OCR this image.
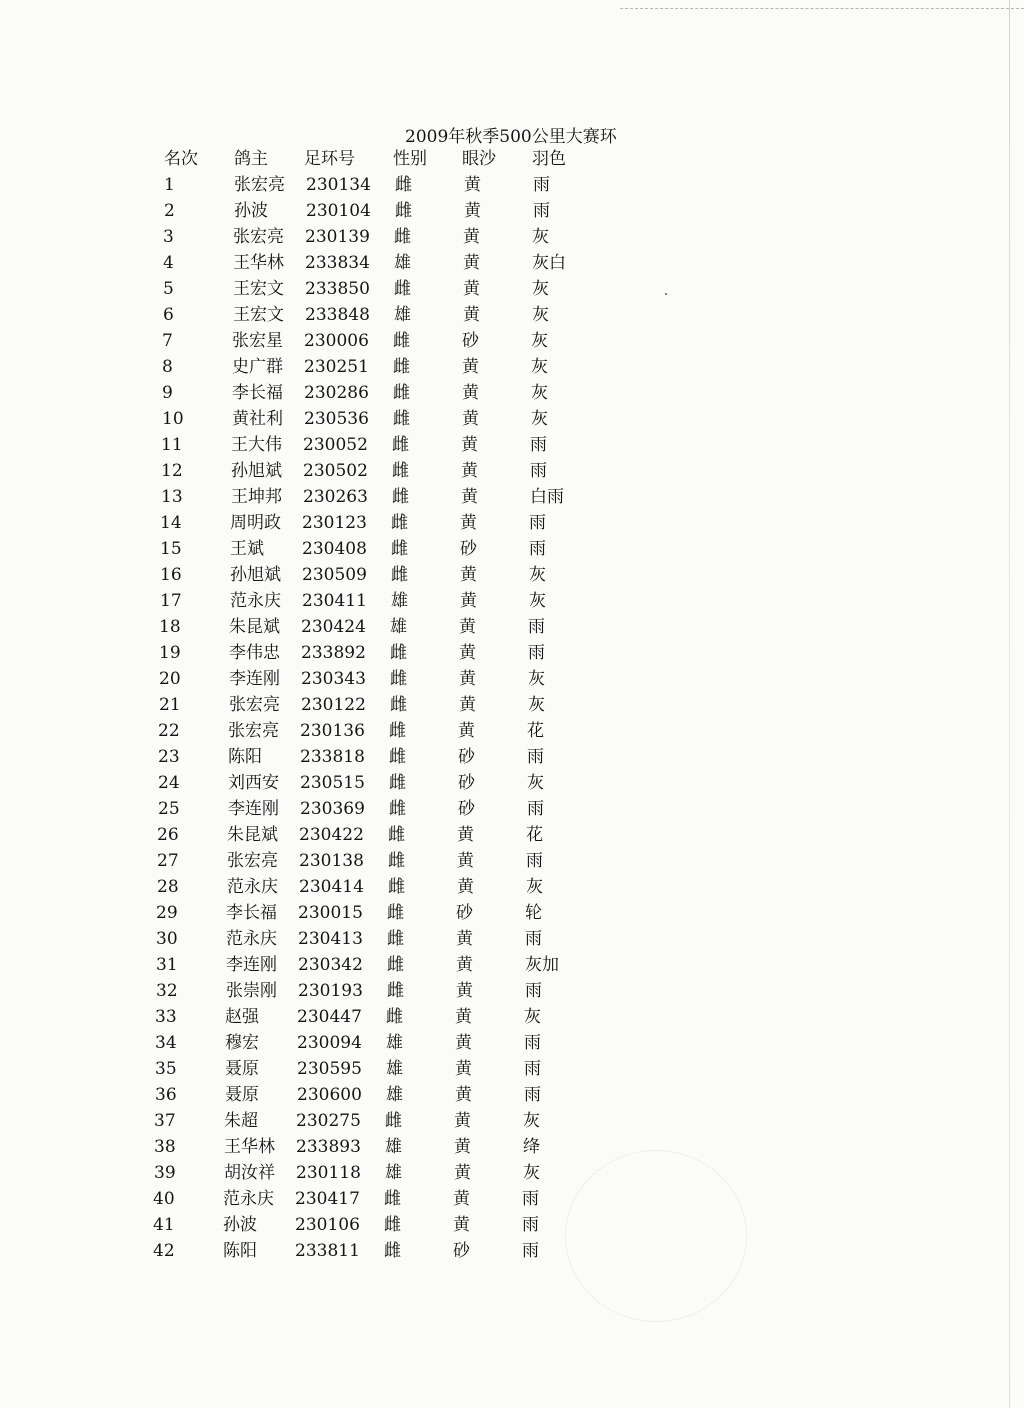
2009年秋季500公里大赛环
名次 鸽主 足环号 性别 眼沙 羽色
1	张宏亮 230134 雌	黄	雨
2	孙波 230104 雌	黄	雨
3	张宏亮 230139 雌	黄	灰
4	王华林 233834 雄	黄	灰白
5	王宏文 233850 雌	黄	灰
6	王宏文 233848 雄	黄	灰
7	张宏星 230006 雌	砂	灰
8	史广群 230251 雌	黄	灰
9	李长福 230286 雌	黄	灰
10	黄社利 230536 雌	黄	灰
11	王大伟 230052 雌	黄	雨
12	孙旭斌 230502 雌	黄	雨
13	王坤邦 230263 雌	黄	白雨
14	周明政 230123 雌	黄	雨
15	王斌 230408 雌	砂	雨
16	孙旭斌 230509 雌	黄	灰
17	范永庆 230411 雄	黄	灰
18	朱昆斌 230424 雄	黄	雨
19	李伟忠 233892 雌	黄	雨
20	李连刚 230343 雌	黄	灰
21	张宏亮 230122 雌	黄	灰
22	张宏亮 230136 雌	黄	花
23	陈阳 233818 雌	砂	雨
24	刘西安 230515 雌	砂	灰
25	李连刚 230369 雌	砂	雨
26	朱昆斌 230422 雌	黄	花
27	张宏亮 230138 雌	黄	雨
28	范永庆 230414 雌	黄	灰
29	李长福 230015 雌	砂	轮
30	范永庆 230413 雌	黄	雨
31	李连刚 230342 雌	黄	灰加
32	张崇刚 230193 雌	黄	雨
33	赵强 230447 雌	黄	灰
34	穆宏 230094 雄	黄	雨
35	聂原 230595 雄	黄	雨
36	聂原 230600 雄	黄	雨
37	朱超 230275 雌	黄	灰
38	王华林 233893 雄	黄	绛
39	胡汝祥 230118 雄	黄	灰
40	范永庆 230417 雌	黄	雨
41	孙波 230106 雌	黄	雨
42	陈阳 233811 雌	砂	雨
